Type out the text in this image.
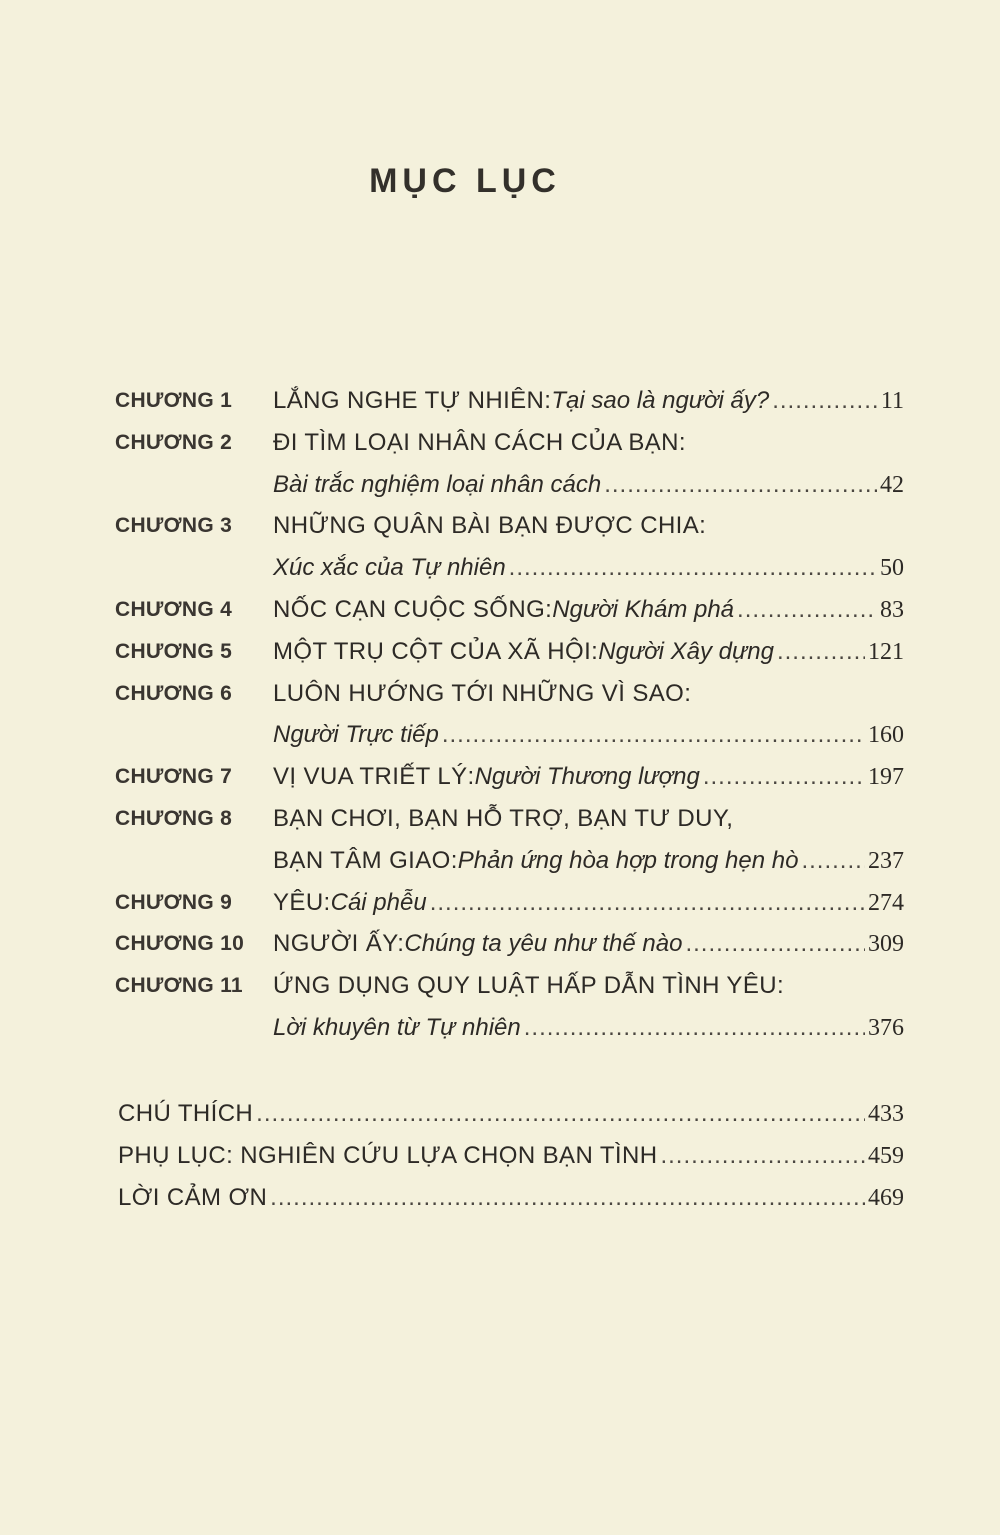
MỤC LỤC
CHƯƠNG 1	LẮNG NGHE TỰ NHIÊN: Tại sao là người ấy? .....	11
CHƯƠNG 2	ĐI TÌM LOẠI NHÂN CÁCH CỦA BẠN:
Bài trắc nghiệm loại nhân cách .....	42
CHƯƠNG 3	NHỮNG QUÂN BÀI BẠN ĐƯỢC CHIA:
Xúc xắc của Tự nhiên .....	50
CHƯƠNG 4	NỐC CẠN CUỘC SỐNG: Người Khám phá .....	83
CHƯƠNG 5	MỘT TRỤ CỘT CỦA XÃ HỘI: Người Xây dựng .....	121
CHƯƠNG 6	LUÔN HƯỚNG TỚI NHỮNG VÌ SAO:
Người Trực tiếp .....	160
CHƯƠNG 7	VỊ VUA TRIẾT LÝ: Người Thương lượng .....	197
CHƯƠNG 8	BẠN CHƠI, BẠN HỖ TRỢ, BẠN TƯ DUY,
BẠN TÂM GIAO: Phản ứng hòa hợp trong hẹn hò .....	237
CHƯƠNG 9	YÊU: Cái phễu .....	274
CHƯƠNG 10	NGƯỜI ẤY: Chúng ta yêu như thế nào .....	309
CHƯƠNG 11	ỨNG DỤNG QUY LUẬT HẤP DẪN TÌNH YÊU:
Lời khuyên từ Tự nhiên .....	376
CHÚ THÍCH .....	433
PHỤ LỤC: NGHIÊN CỨU LỰA CHỌN BẠN TÌNH .....	459
LỜI CẢM ƠN .....	469
